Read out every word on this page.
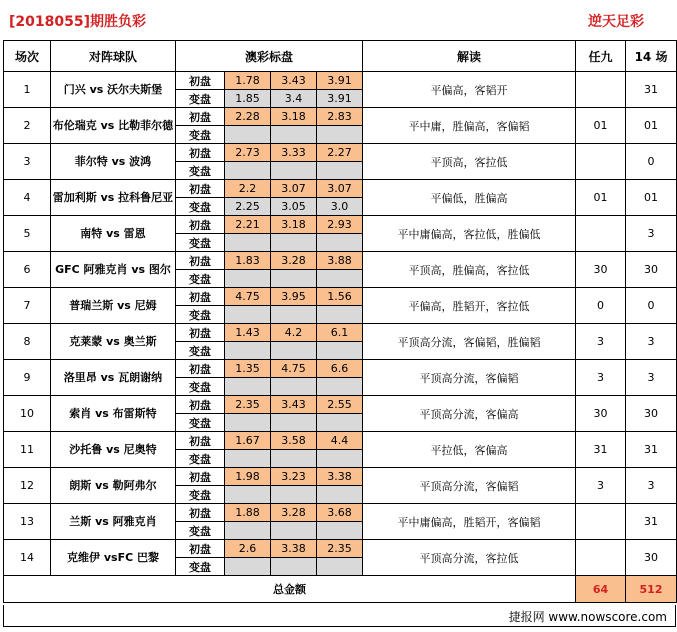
[2018055]期胜负彩	逆天足彩
场次	对阵球队	澳彩标盘				解读	任九	14 场
1	门兴 vs 沃尔夫斯堡	初盘	1.78	3.43	3.91	平偏高，客韬开		31
		变盘	1.85	3.4	3.91			
2	布伦瑞克 vs 比勒菲尔德	初盘	2.28	3.18	2.83	平中庸，胜偏高，客偏韬	01	01
		变盘						
3	菲尔特 vs 波鸿	初盘	2.73	3.33	2.27	平顶高，客拉低		0
		变盘						
4	雷加利斯 vs 拉科鲁尼亚	初盘	2.2	3.07	3.07	平偏低，胜偏高	01	01
		变盘	2.25	3.05	3.0			
5	南特 vs 雷恩	初盘	2.21	3.18	2.93	平中庸偏高，客拉低，胜偏低		3
		变盘						
6	GFC 阿雅克肖 vs 图尔	初盘	1.83	3.28	3.88	平顶高，胜偏高，客拉低	30	30
		变盘						
7	普瑞兰斯 vs 尼姆	初盘	4.75	3.95	1.56	平偏高，胜韬开，客拉低	0	0
		变盘						
8	克莱蒙 vs 奥兰斯	初盘	1.43	4.2	6.1	平顶高分流，客偏韬，胜偏韬	3	3
		变盘						
9	洛里昂 vs 瓦朗谢纳	初盘	1.35	4.75	6.6	平顶高分流，客偏韬	3	3
		变盘						
10	索肖 vs 布雷斯特	初盘	2.35	3.43	2.55	平顶高分流，客偏高	30	30
		变盘						
11	沙托鲁 vs 尼奥特	初盘	1.67	3.58	4.4	平拉低，客偏高	31	31
		变盘						
12	朗斯 vs 勒阿弗尔	初盘	1.98	3.23	3.38	平顶高分流，客偏韬	3	3
		变盘						
13	兰斯 vs 阿雅克肖	初盘	1.88	3.28	3.68	平中庸偏高，胜韬开，客偏韬		31
		变盘						
14	克维伊 vsFC 巴黎	初盘	2.6	3.38	2.35	平顶高分流，客拉低		30
		变盘						
总金额							64	512
捷报网 www.nowscore.com
